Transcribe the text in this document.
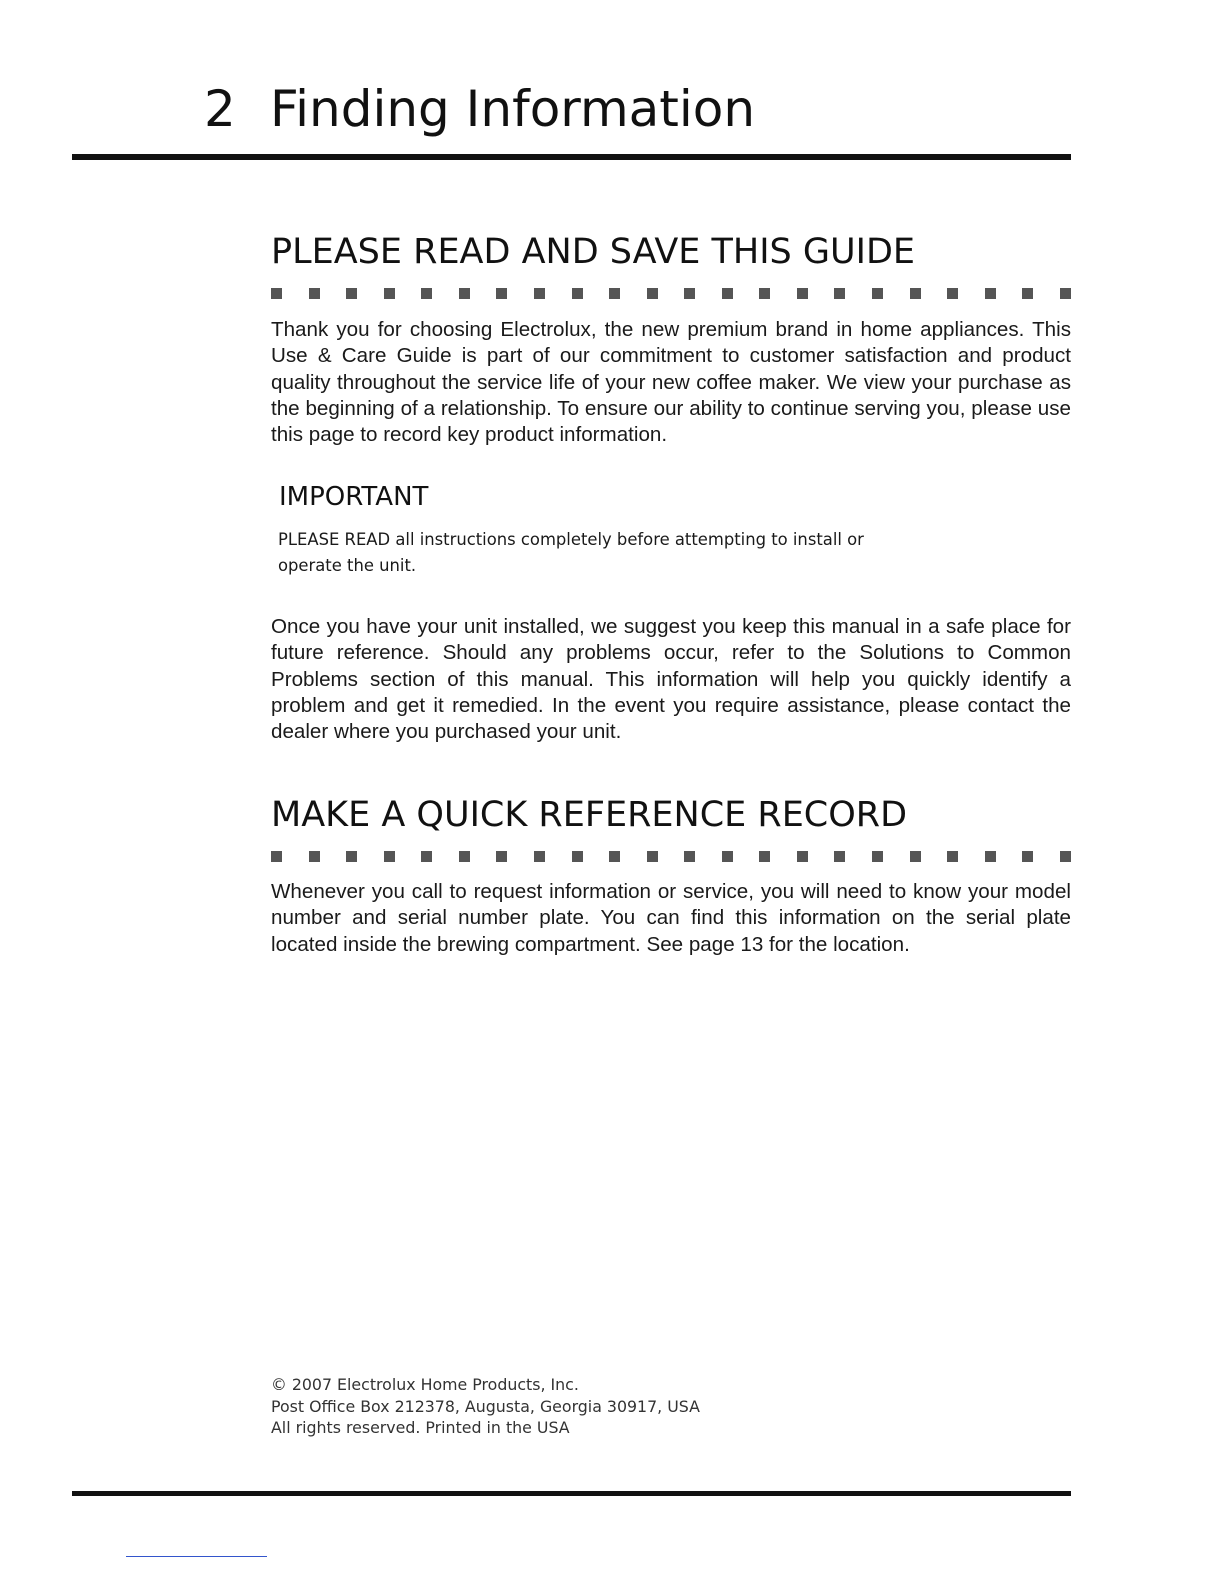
2 Finding Information
PLEASE READ AND SAVE THIS GUIDE
Thank you for choosing Electrolux, the new premium brand in home appliances. This Use & Care Guide is part of our commitment to customer satisfaction and product quality throughout the service life of your new coffee maker. We view your purchase as the beginning of a relationship. To ensure our ability to continue serving you, please use this page to record key product information.
IMPORTANT
PLEASE READ all instructions completely before attempting to install or
operate the unit.
Once you have your unit installed, we suggest you keep this manual in a safe place for future reference. Should any problems occur, refer to the Solutions to Common Problems section of this manual. This information will help you quickly identify a problem and get it remedied. In the event you require assistance, please contact the dealer where you purchased your unit.
MAKE A QUICK REFERENCE RECORD
Whenever you call to request information or service, you will need to know your model number and serial number plate. You can find this information on the serial plate located inside the brewing compartment. See page 13 for the location.
© 2007 Electrolux Home Products, Inc.
Post Office Box 212378, Augusta, Georgia 30917, USA
All rights reserved. Printed in the USA
